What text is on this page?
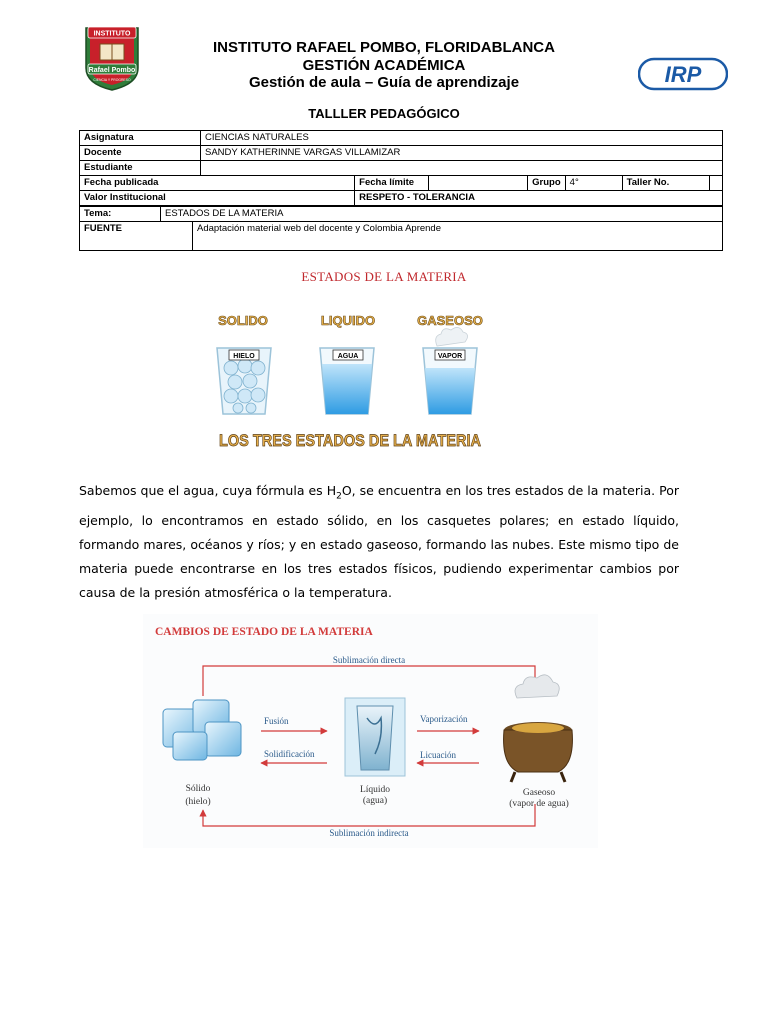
INSTITUTO
Rafael Pombo
CIENCIA Y PROGRESO
INSTITUTO RAFAEL POMBO, FLORIDABLANCA
GESTIÓN ACADÉMICA
Gestión de aula – Guía de aprendizaje	IRP
TALLLER PEDAGÓGICO
Asignatura	CIENCIAS NATURALES						
Docente	SANDY KATHERINNE VARGAS VILLAMIZAR						
Estudiante							
Fecha publicada		Fecha límite		Grupo	4°	Taller No.	
Valor Institucional		RESPETO - TOLERANCIA					
Tema:	ESTADOS DE LA MATERIA
FUENTE	Adaptación material web del docente y Colombia Aprende
ESTADOS DE LA MATERIA
SOLIDO	LIQUIDO	GASEOSO
HIELO	AGUA	VAPOR
LOS TRES ESTADOS DE LA MATERIA
Sabemos que el agua, cuya fórmula es $H_2O$, se encuentra en los tres estados de la materia. Por ejemplo, lo encontramos en estado sólido, en los casquetes polares; en estado líquido, formando mares, océanos y ríos; y en estado gaseoso, formando las nubes. Este mismo tipo de materia puede encontrarse en los tres estados físicos, pudiendo experimentar cambios por causa de la presión atmosférica o la temperatura.
CAMBIOS DE ESTADO DE LA MATERIA
Sublimación directa
Sublimación indirecta
Sólido
(hielo)
Fusión
Solidificación
Líquido
(agua)
Vaporización
Licuación
Gaseoso
(vapor de agua)
